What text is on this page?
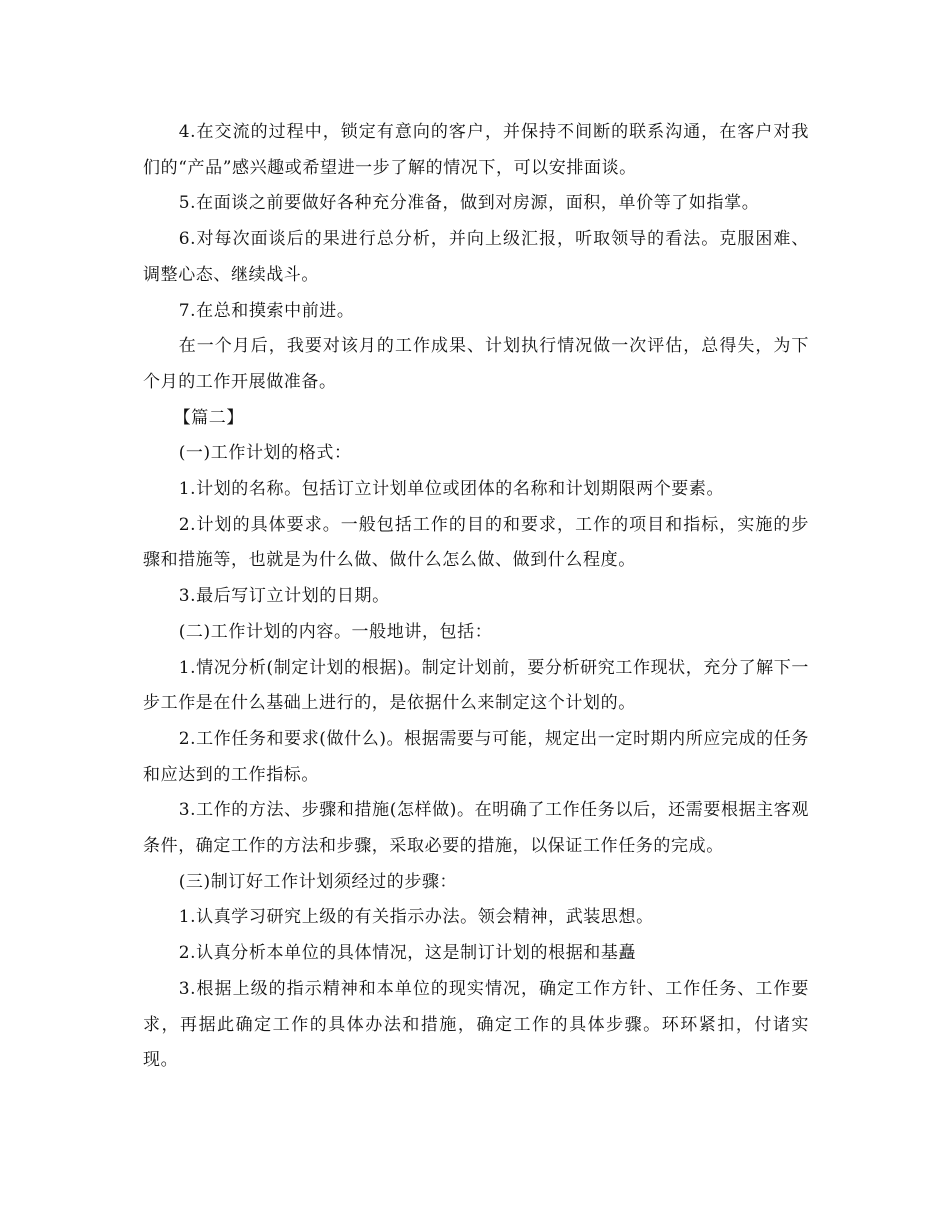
4.在交流的过程中，锁定有意向的客户，并保持不间断的联系沟通，在客户对我们的“产品”感兴趣或希望进一步了解的情况下，可以安排面谈。

5.在面谈之前要做好各种充分准备，做到对房源，面积，单价等了如指掌。

6.对每次面谈后的果进行总分析，并向上级汇报，听取领导的看法。克服困难、调整心态、继续战斗。

7.在总和摸索中前进。

在一个月后，我要对该月的工作成果、计划执行情况做一次评估，总得失，为下个月的工作开展做准备。

【篇二】

(一)工作计划的格式：

1.计划的名称。包括订立计划单位或团体的名称和计划期限两个要素。

2.计划的具体要求。一般包括工作的目的和要求，工作的项目和指标，实施的步骤和措施等，也就是为什么做、做什么怎么做、做到什么程度。

3.最后写订立计划的日期。

(二)工作计划的内容。一般地讲，包括：

1.情况分析(制定计划的根据)。制定计划前，要分析研究工作现状，充分了解下一步工作是在什么基础上进行的，是依据什么来制定这个计划的。

2.工作任务和要求(做什么)。根据需要与可能，规定出一定时期内所应完成的任务和应达到的工作指标。

3.工作的方法、步骤和措施(怎样做)。在明确了工作任务以后，还需要根据主客观条件，确定工作的方法和步骤，采取必要的措施，以保证工作任务的完成。

(三)制订好工作计划须经过的步骤：

1.认真学习研究上级的有关指示办法。领会精神，武装思想。

2.认真分析本单位的具体情况，这是制订计划的根据和基矗

3.根据上级的指示精神和本单位的现实情况，确定工作方针、工作任务、工作要求，再据此确定工作的具体办法和措施，确定工作的具体步骤。环环紧扣，付诸实现。
